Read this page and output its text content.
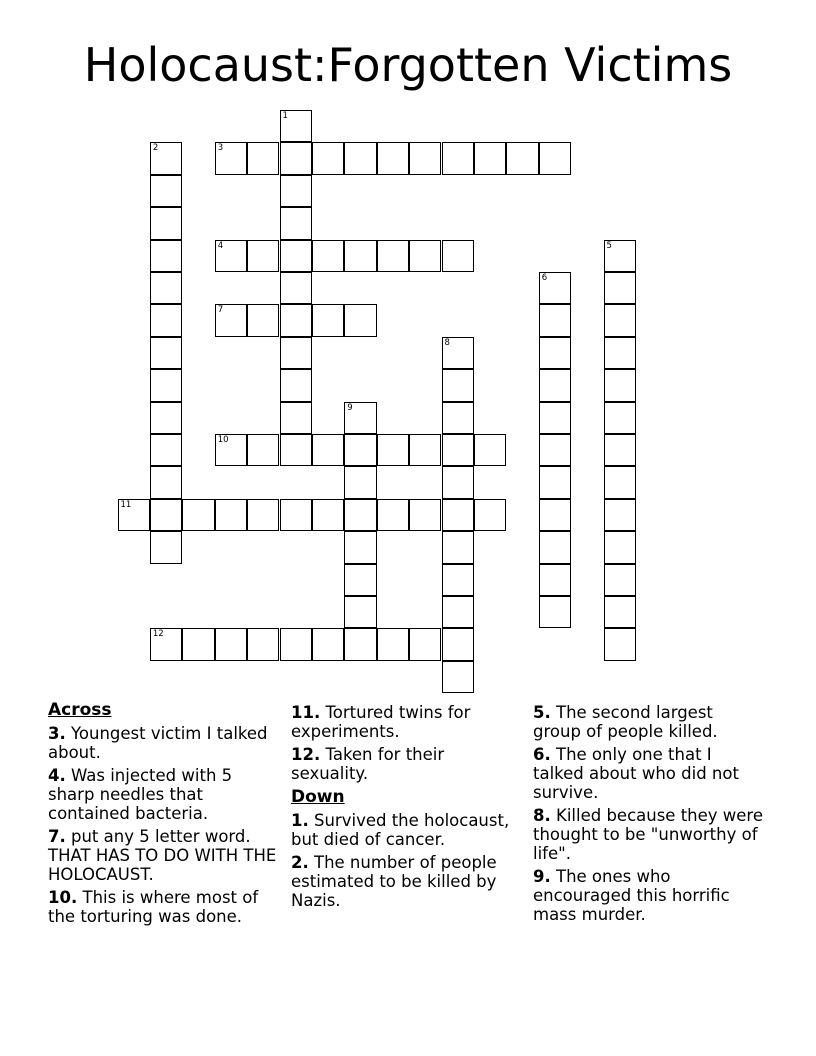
Holocaust:Forgotten Victims
1
2	3
4	5
6
7
8
9
10
11
12
Across
3. Youngest victim I talked about.
4. Was injected with 5 sharp needles that contained bacteria.
7. put any 5 letter word. THAT HAS TO DO WITH THE HOLOCAUST.
10. This is where most of the torturing was done.
11. Tortured twins for experiments.
12. Taken for their sexuality.
Down
1. Survived the holocaust, but died of cancer.
2. The number of people estimated to be killed by Nazis.
5. The second largest group of people killed.
6. The only one that I talked about who did not survive.
8. Killed because they were thought to be "unworthy of life".
9. The ones who encouraged this horrific mass murder.
